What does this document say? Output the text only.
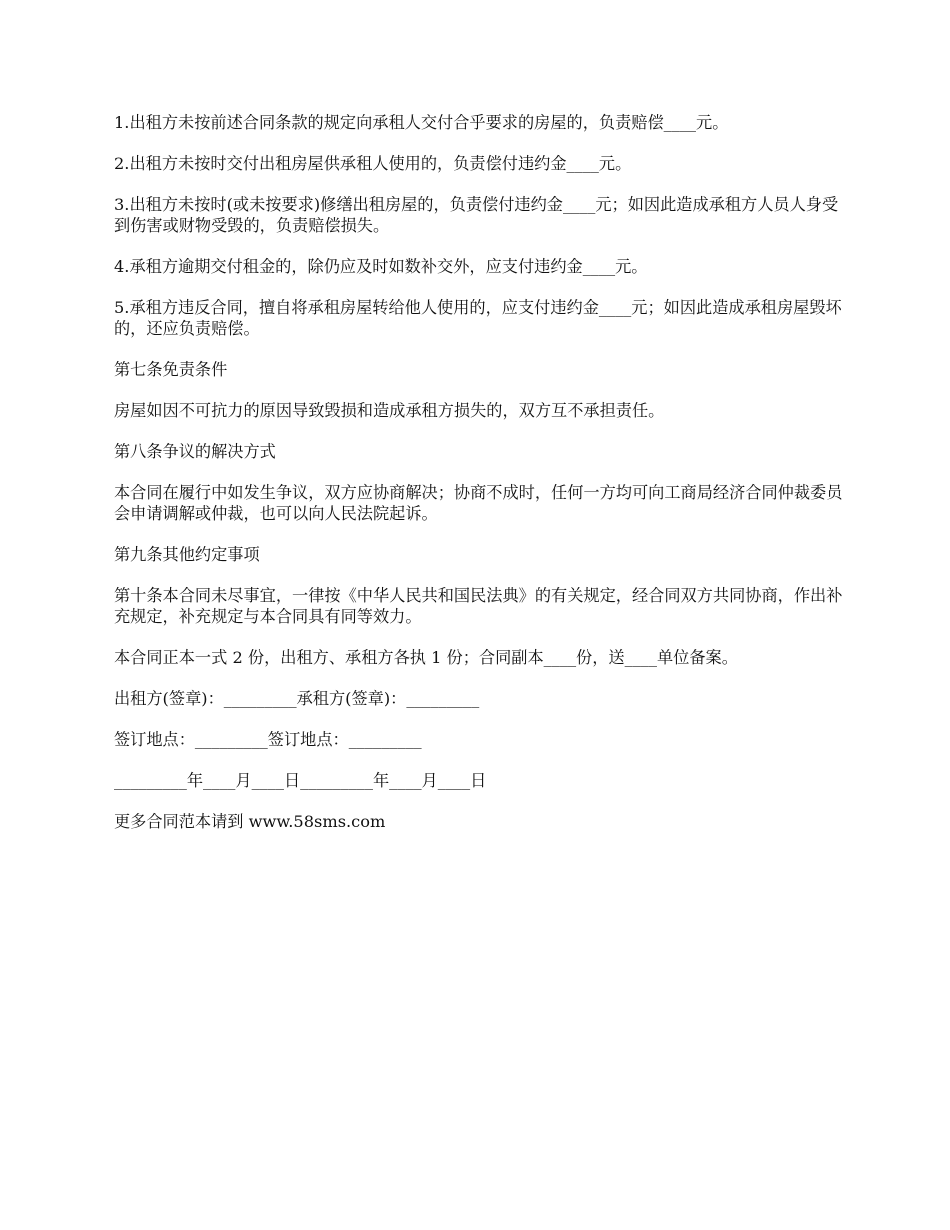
1.出租方未按前述合同条款的规定向承租人交付合乎要求的房屋的，负责赔偿____元。

2.出租方未按时交付出租房屋供承租人使用的，负责偿付违约金____元。

3.出租方未按时(或未按要求)修缮出租房屋的，负责偿付违约金____元；如因此造成承租方人员人身受到伤害或财物受毁的，负责赔偿损失。

4.承租方逾期交付租金的，除仍应及时如数补交外，应支付违约金____元。

5.承租方违反合同，擅自将承租房屋转给他人使用的，应支付违约金____元；如因此造成承租房屋毁坏的，还应负责赔偿。

第七条免责条件

房屋如因不可抗力的原因导致毁损和造成承租方损失的，双方互不承担责任。

第八条争议的解决方式

本合同在履行中如发生争议，双方应协商解决；协商不成时，任何一方均可向工商局经济合同仲裁委员会申请调解或仲裁，也可以向人民法院起诉。

第九条其他约定事项

第十条本合同未尽事宜，一律按《中华人民共和国民法典》的有关规定，经合同双方共同协商，作出补充规定，补充规定与本合同具有同等效力。

本合同正本一式 2 份，出租方、承租方各执 1 份；合同副本____份，送____单位备案。

出租方(签章)：_________承租方(签章)：_________

签订地点：_________签订地点：_________

_________年____月____日_________年____月____日

更多合同范本请到 www.58sms.com
